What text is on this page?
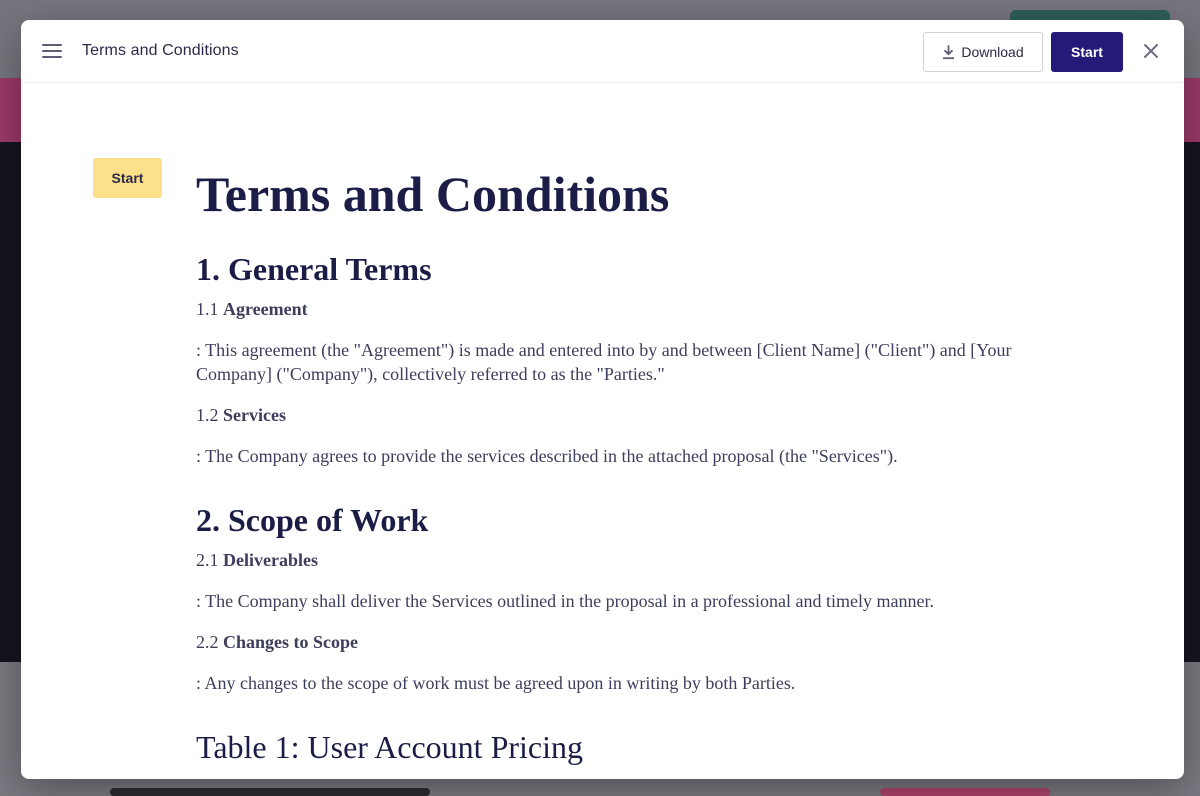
Terms and Conditions	Download	Start
Start	Terms and Conditions
1. General Terms
1.1 Agreement

: This agreement (the "Agreement") is made and entered into by and between [Client Name] ("Client") and [Your Company] ("Company"), collectively referred to as the "Parties."

1.2 Services

: The Company agrees to provide the services described in the attached proposal (the "Services").

2. Scope of Work
2.1 Deliverables

: The Company shall deliver the Services outlined in the proposal in a professional and timely manner.

2.2 Changes to Scope

: Any changes to the scope of work must be agreed upon in writing by both Parties.

Table 1: User Account Pricing
